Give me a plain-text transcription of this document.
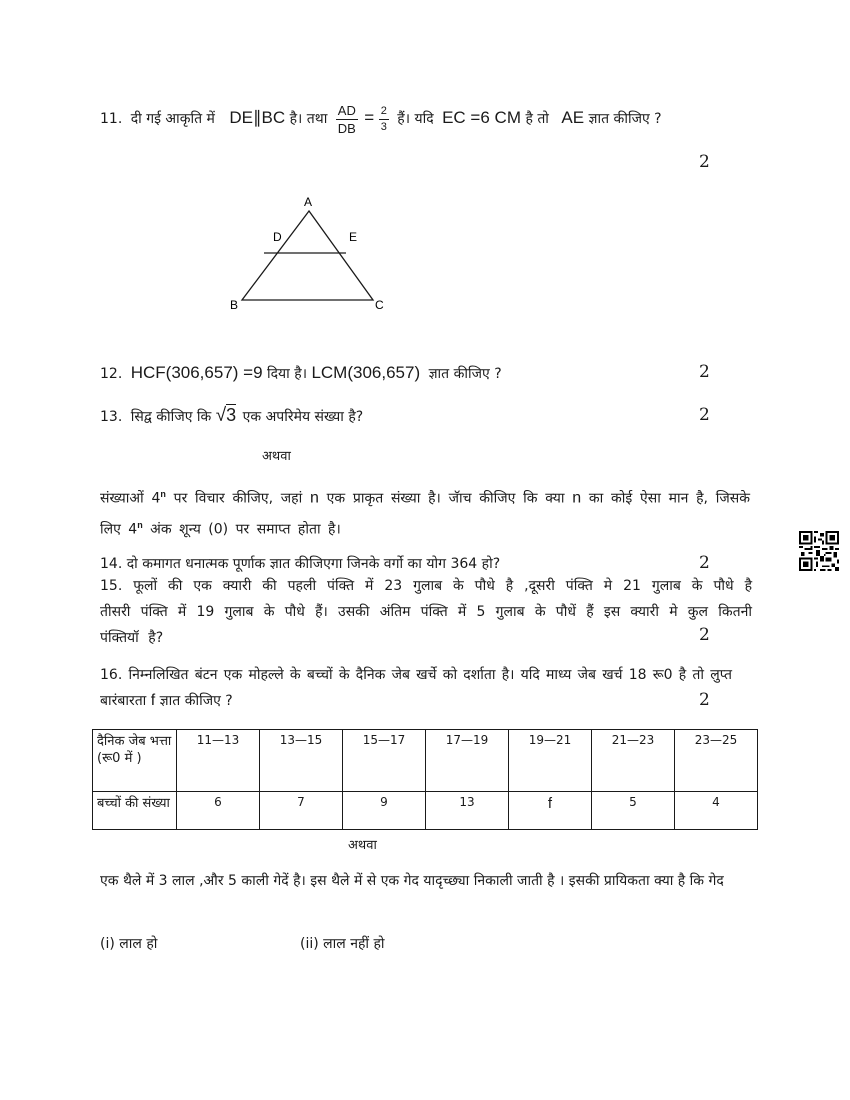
11. दी गई आकृति में DE∥BC है। तथा $\frac{AD}{DB} = \frac{2}{3}$ हैं। यदि EC =6 CM है तो AE ज्ञात कीजिए ?
2
A
D	E
B	C
12. HCF(306,657) =9 दिया है। LCM(306,657) ज्ञात कीजिए ?	2
13. सिद्व कीजिए कि √3 एक अपरिमेय संख्या है?	2
अथवा
संख्याओं 4$^n$ पर विचार कीजिए, जहां n एक प्राकृत संख्या है। जॅाच कीजिए कि क्या n का कोई ऐसा मान है, जिसके लिए 4$^n$ अंक शून्य (0) पर समाप्त होता है।
14. दो कमागत धनात्मक पूर्णाक ज्ञात कीजिएगा जिनके वर्गो का योग 364 हो?	2
15. फूलों की एक क्यारी की पहली पंक्ति में 23 गुलाब के पौधे है ,दूसरी पंक्ति मे 21 गुलाब के पौधे है तीसरी पंक्ति में 19 गुलाब के पौधे हैं। उसकी अंतिम पंक्ति में 5 गुलाब के पौधें हैं इस क्यारी मे कुल कितनी पंक्तियॉ है?	2
16. निम्नलिखित बंटन एक मोहल्ले के बच्चों के दैनिक जेब खर्चे को दर्शाता है। यदि माध्य जेब खर्च 18 रू0 है तो लुप्त बारंबारता f ज्ञात कीजिए ?	2
दैनिक जेब भत्ता (रू0 में )	11—13	13—15	15—17	17—19	19—21	21—23	23—25
बच्चों की संख्या	6	7	9	13	f	5	4
अथवा
एक थैले में 3 लाल ,और 5 काली गेदें है। इस थैले में से एक गेद यादृच्छ्या निकाली जाती है । इसकी प्रायिकता क्या है कि गेद
(i) लाल हो	(ii) लाल नहीं हो
